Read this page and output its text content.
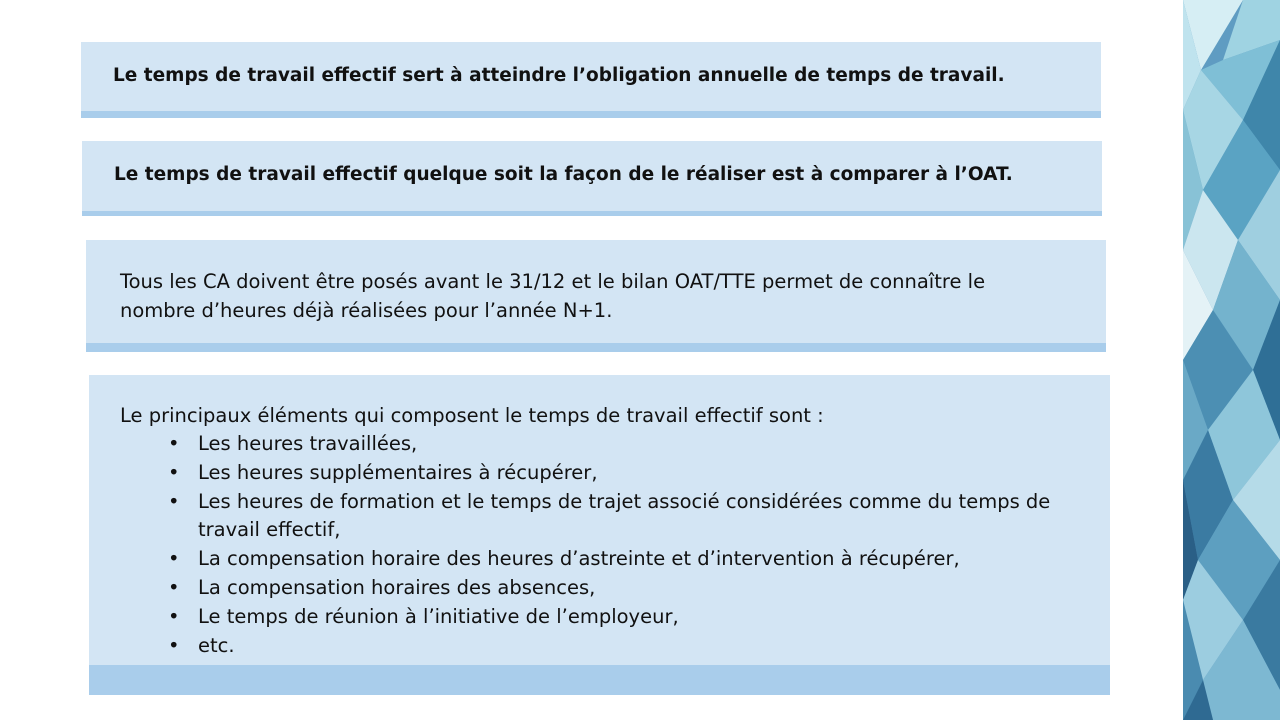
Le temps de travail effectif sert à atteindre l’obligation annuelle de temps de travail.
Le temps de travail effectif quelque soit la façon de le réaliser est à comparer à l’OAT.
Tous les CA doivent être posés avant le 31/12 et le bilan OAT/TTE permet de connaître le nombre d’heures déjà réalisées pour l’année N+1.
Le principaux éléments qui composent le temps de travail effectif sont :
• Les heures travaillées,
• Les heures supplémentaires à récupérer,
• Les heures de formation et le temps de trajet associé considérées comme du temps de travail effectif,
• La compensation horaire des heures d’astreinte et d’intervention à récupérer,
• La compensation horaires des absences,
• Le temps de réunion à l’initiative de l’employeur,
• etc.
